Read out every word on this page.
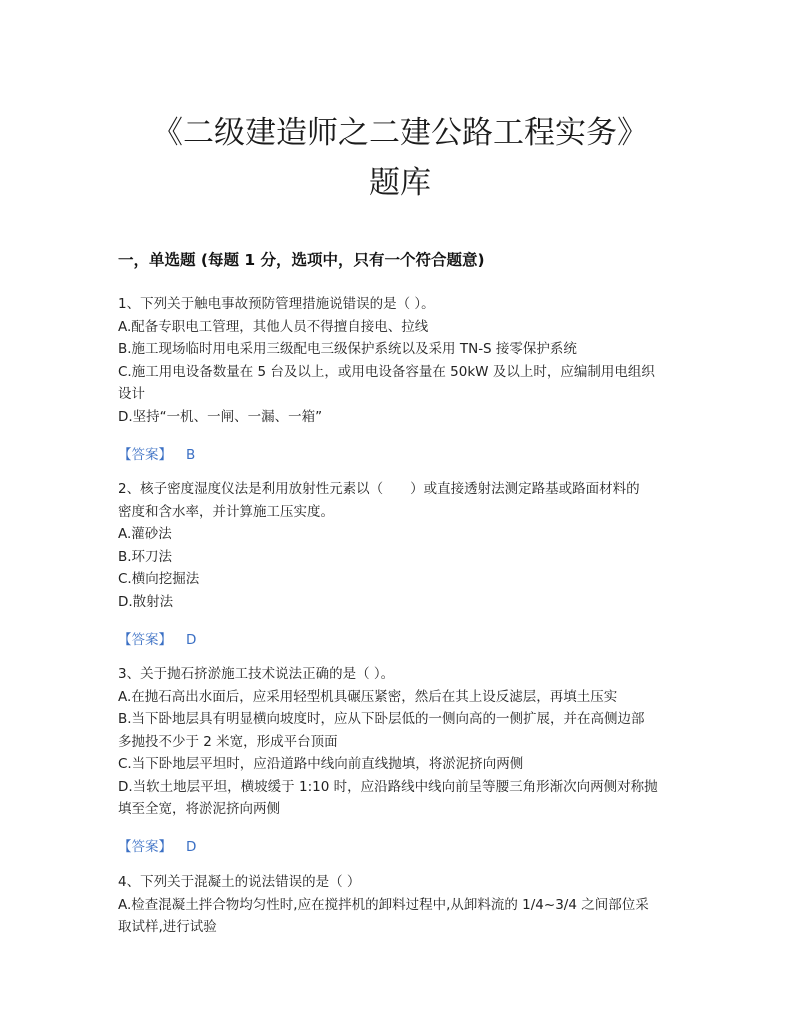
《二级建造师之二建公路工程实务》
题库
一，单选题 (每题 1 分，选项中，只有一个符合题意)
1、下列关于触电事故预防管理措施说错误的是（ ）。
A.配备专职电工管理，其他人员不得擅自接电、拉线
B.施工现场临时用电采用三级配电三级保护系统以及采用 TN-S 接零保护系统
C.施工用电设备数量在 5 台及以上，或用电设备容量在 50kW 及以上时，应编制用电组织
设计
D.坚持“一机、一闸、一漏、一箱”
【答案】 B
2、核子密度湿度仪法是利用放射性元素以（　　）或直接透射法测定路基或路面材料的
密度和含水率，并计算施工压实度。
A.灌砂法
B.环刀法
C.横向挖掘法
D.散射法
【答案】 D
3、关于抛石挤淤施工技术说法正确的是（ ）。
A.在抛石高出水面后，应采用轻型机具碾压紧密，然后在其上设反滤层，再填土压实
B.当下卧地层具有明显横向坡度时，应从下卧层低的一侧向高的一侧扩展，并在高侧边部
多抛投不少于 2 米宽，形成平台顶面
C.当下卧地层平坦时，应沿道路中线向前直线抛填，将淤泥挤向两侧
D.当软土地层平坦，横坡缓于 1:10 时，应沿路线中线向前呈等腰三角形渐次向两侧对称抛
填至全宽，将淤泥挤向两侧
【答案】 D
4、下列关于混凝土的说法错误的是（ ）
A.检查混凝土拌合物均匀性时,应在搅拌机的卸料过程中,从卸料流的 1/4~3/4 之间部位采
取试样,进行试验
